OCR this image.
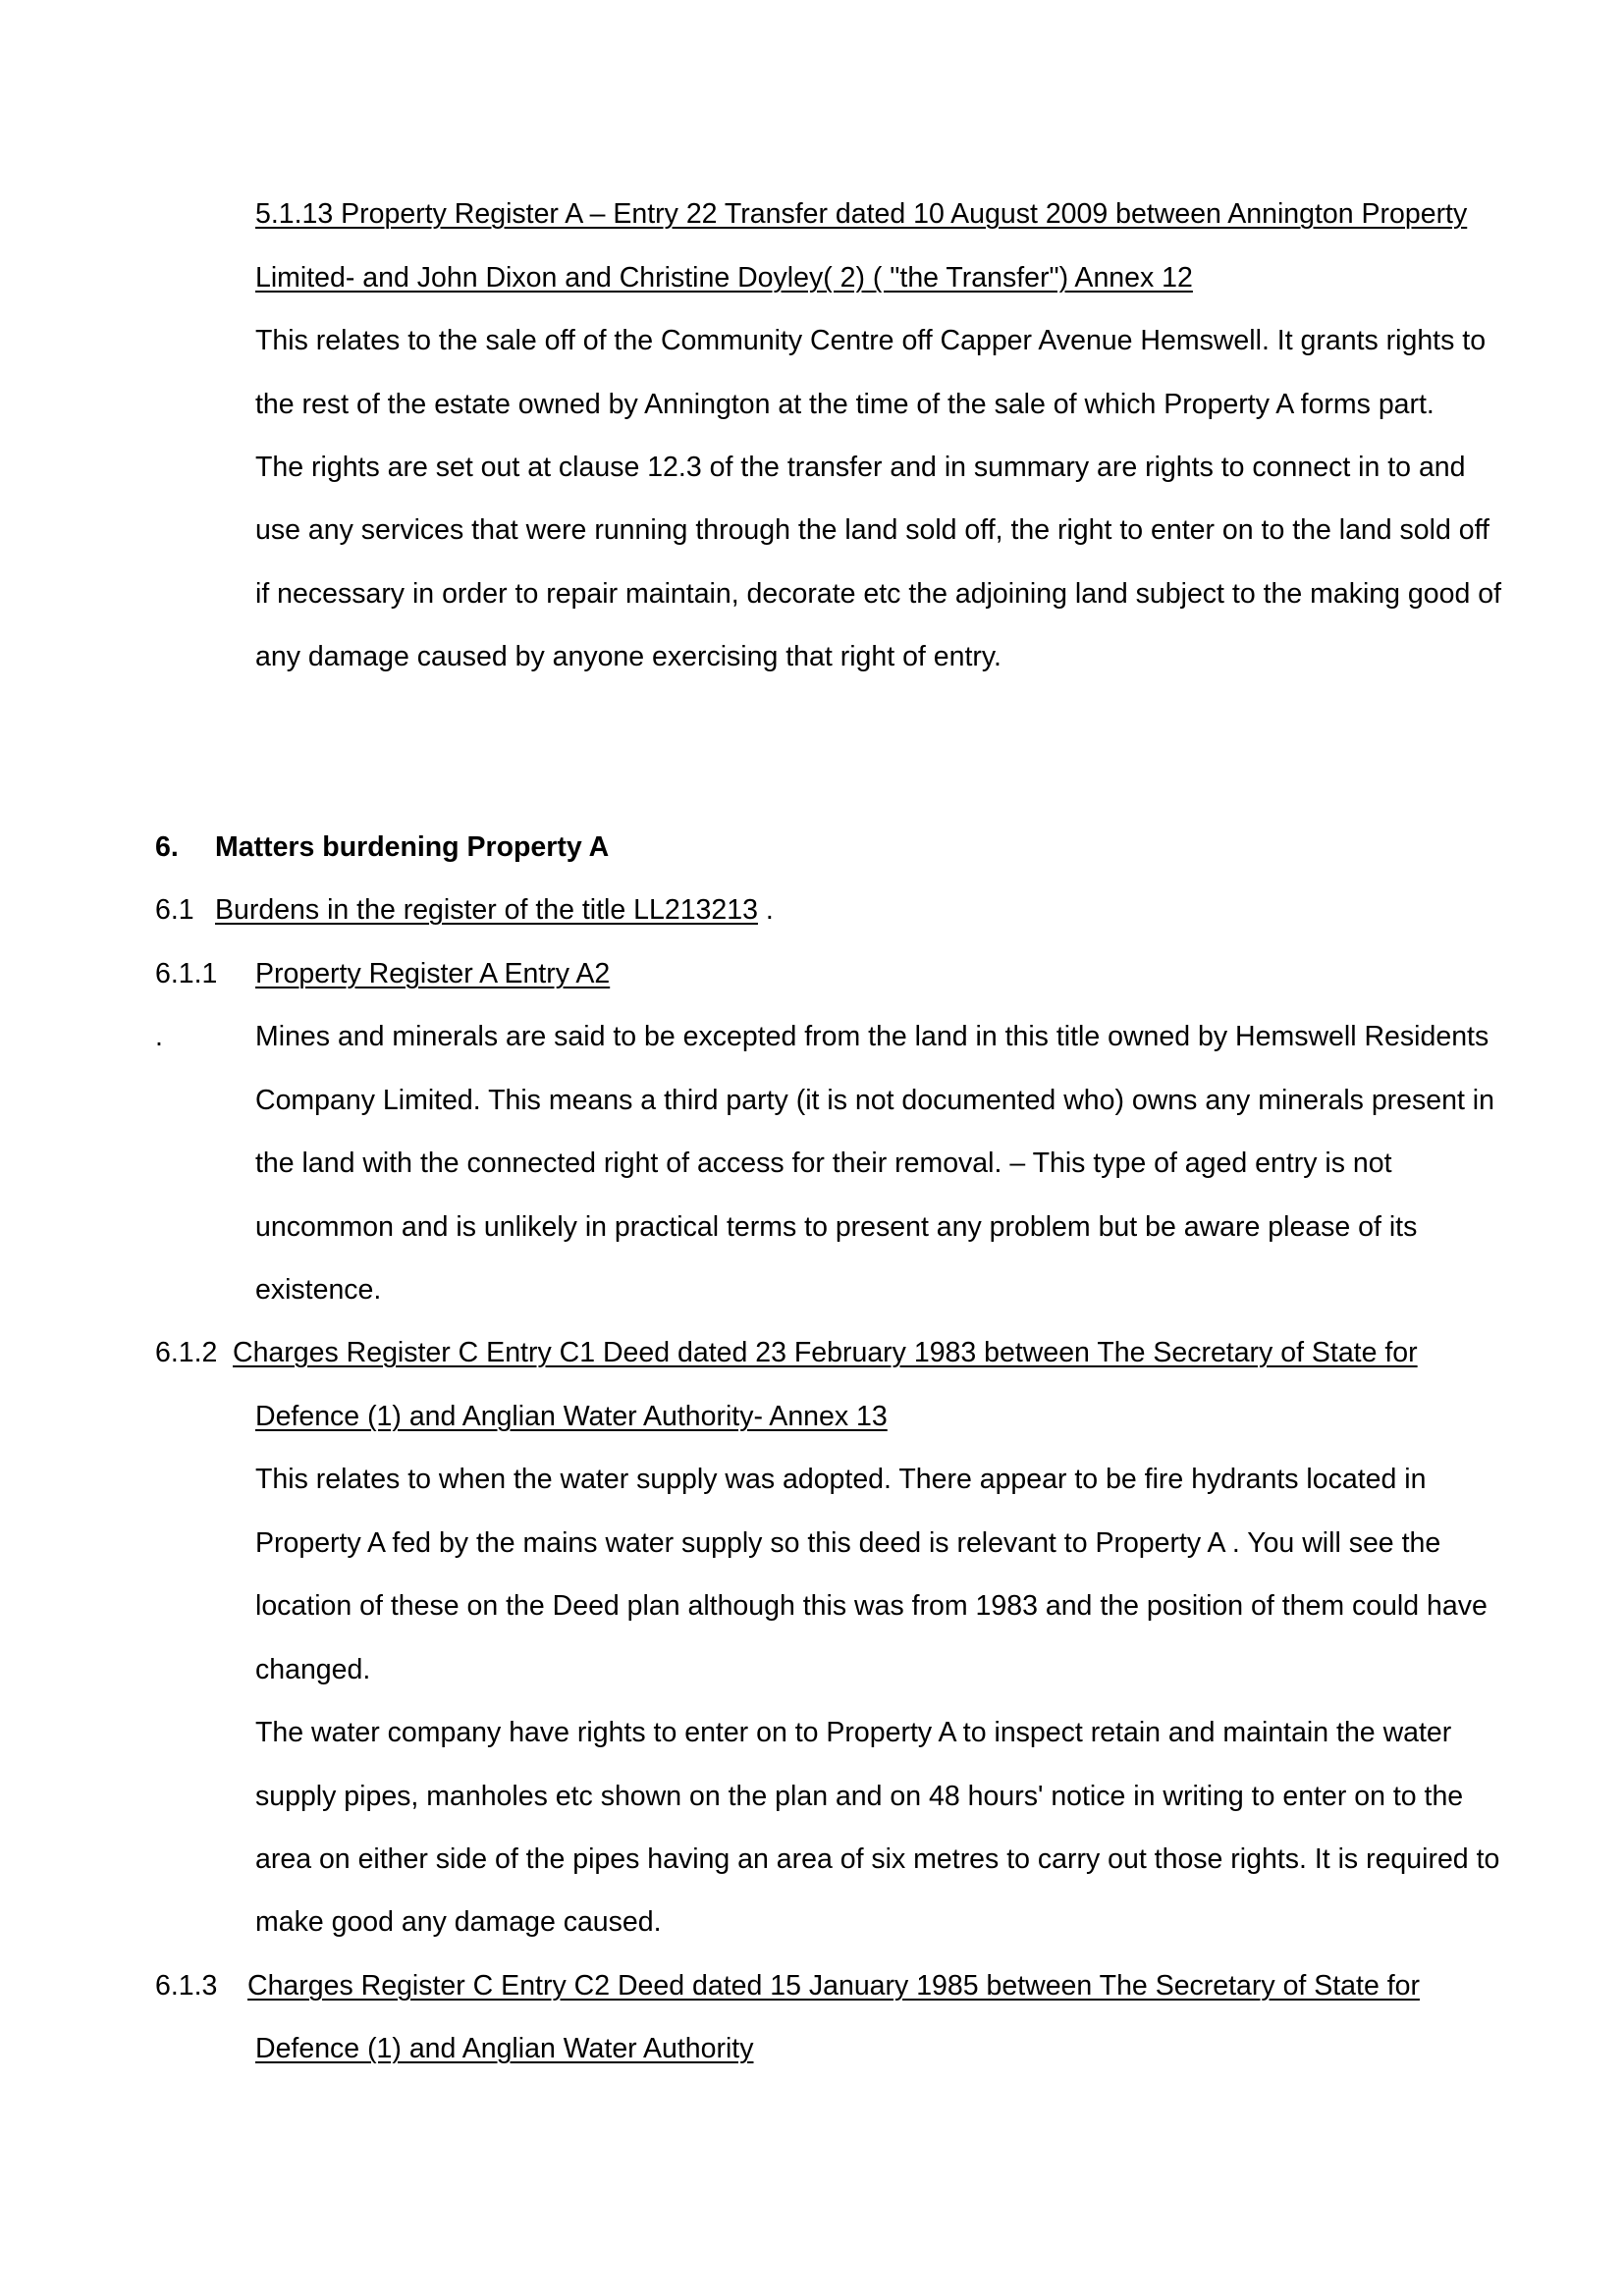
5.1.13 Property Register A – Entry 22 Transfer dated 10 August 2009 between Annington Property
Limited- and John Dixon and Christine Doyley( 2) ( "the Transfer") Annex 12
This relates to the sale off of the Community Centre off Capper Avenue Hemswell. It grants rights to
the rest of the estate owned by Annington at the time of the sale of which Property A forms part.
The rights are set out at clause 12.3 of the transfer and in summary are rights to connect in to and
use any services that were running through the land sold off, the right to enter on to the land sold off
if necessary in order to repair maintain, decorate etc the adjoining land subject to the making good of
any damage caused by anyone exercising that right of entry.
6. Matters burdening Property A
6.1 Burdens in the register of the title LL213213 .
6.1.1 Property Register A Entry A2
.	Mines and minerals are said to be excepted from the land in this title owned by Hemswell Residents
Company Limited. This means a third party (it is not documented who) owns any minerals present in
the land with the connected right of access for their removal. – This type of aged entry is not
uncommon and is unlikely in practical terms to present any problem but be aware please of its
existence.
6.1.2 Charges Register C Entry C1 Deed dated 23 February 1983 between The Secretary of State for
Defence (1) and Anglian Water Authority- Annex 13
This relates to when the water supply was adopted. There appear to be fire hydrants located in
Property A fed by the mains water supply so this deed is relevant to Property A . You will see the
location of these on the Deed plan although this was from 1983 and the position of them could have
changed.
The water company have rights to enter on to Property A to inspect retain and maintain the water
supply pipes, manholes etc shown on the plan and on 48 hours' notice in writing to enter on to the
area on either side of the pipes having an area of six metres to carry out those rights. It is required to
make good any damage caused.
6.1.3 Charges Register C Entry C2 Deed dated 15 January 1985 between The Secretary of State for
Defence (1) and Anglian Water Authority
